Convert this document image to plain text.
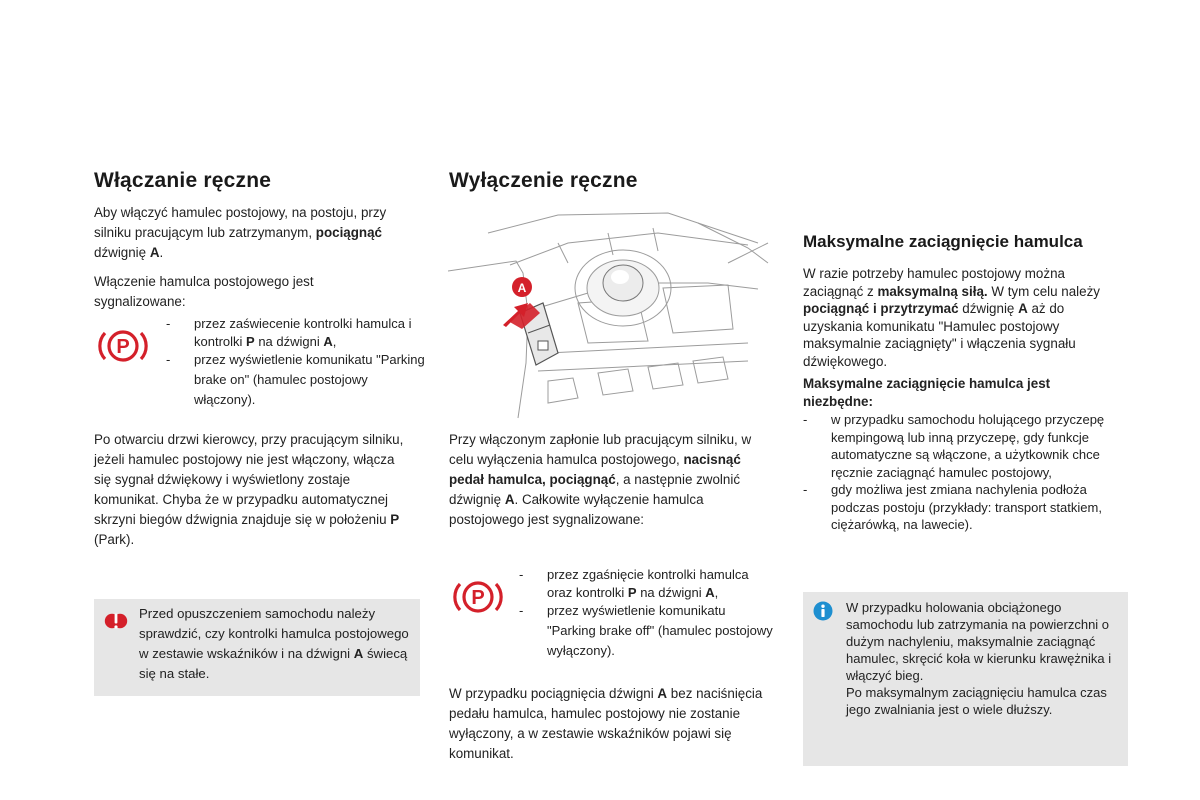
Włączanie ręczne

Aby włączyć hamulec postojowy, na postoju, przy silniku pracującym lub zatrzymanym, pociągnąć dźwignię A.

Włączenie hamulca postojowego jest sygnalizowane:

P
- przez zaświecenie kontrolki hamulca i kontrolki P na dźwigni A,
- przez wyświetlenie komunikatu "Parking brake on" (hamulec postojowy włączony).

Po otwarciu drzwi kierowcy, przy pracującym silniku, jeżeli hamulec postojowy nie jest włączony, włącza się sygnał dźwiękowy i wyświetlony zostaje komunikat. Chyba że w przypadku automatycznej skrzyni biegów dźwignia znajduje się w położeniu P (Park).

Przed opuszczeniem samochodu należy sprawdzić, czy kontrolki hamulca postojowego w zestawie wskaźników i na dźwigni A świecą się na stałe.

Wyłączenie ręczne
A

Przy włączonym zapłonie lub pracującym silniku, w celu wyłączenia hamulca postojowego, nacisnąć pedał hamulca, pociągnąć, a następnie zwolnić dźwignię A. Całkowite wyłączenie hamulca postojowego jest sygnalizowane:

P
- przez zgaśnięcie kontrolki hamulca oraz kontrolki P na dźwigni A,
- przez wyświetlenie komunikatu "Parking brake off" (hamulec postojowy wyłączony).

W przypadku pociągnięcia dźwigni A bez naciśnięcia pedału hamulca, hamulec postojowy nie zostanie wyłączony, a w zestawie wskaźników pojawi się komunikat.

Maksymalne zaciągnięcie hamulca

W razie potrzeby hamulec postojowy można zaciągnąć z maksymalną siłą. W tym celu należy pociągnąć i przytrzymać dźwignię A aż do uzyskania komunikatu "Hamulec postojowy maksymalnie zaciągnięty" i włączenia sygnału dźwiękowego.

Maksymalne zaciągnięcie hamulca jest niezbędne:

- w przypadku samochodu holującego przyczepę kempingową lub inną przyczepę, gdy funkcje automatyczne są włączone, a użytkownik chce ręcznie zaciągnąć hamulec postojowy,
- gdy możliwa jest zmiana nachylenia podłoża podczas postoju (przykłady: transport statkiem, ciężarówką, na lawecie).
W przypadku holowania obciążonego samochodu lub zatrzymania na powierzchni o dużym nachyleniu, maksymalnie zaciągnąć hamulec, skręcić koła w kierunku krawężnika i włączyć bieg.
Po maksymalnym zaciągnięciu hamulca czas jego zwalniania jest o wiele dłuższy.
